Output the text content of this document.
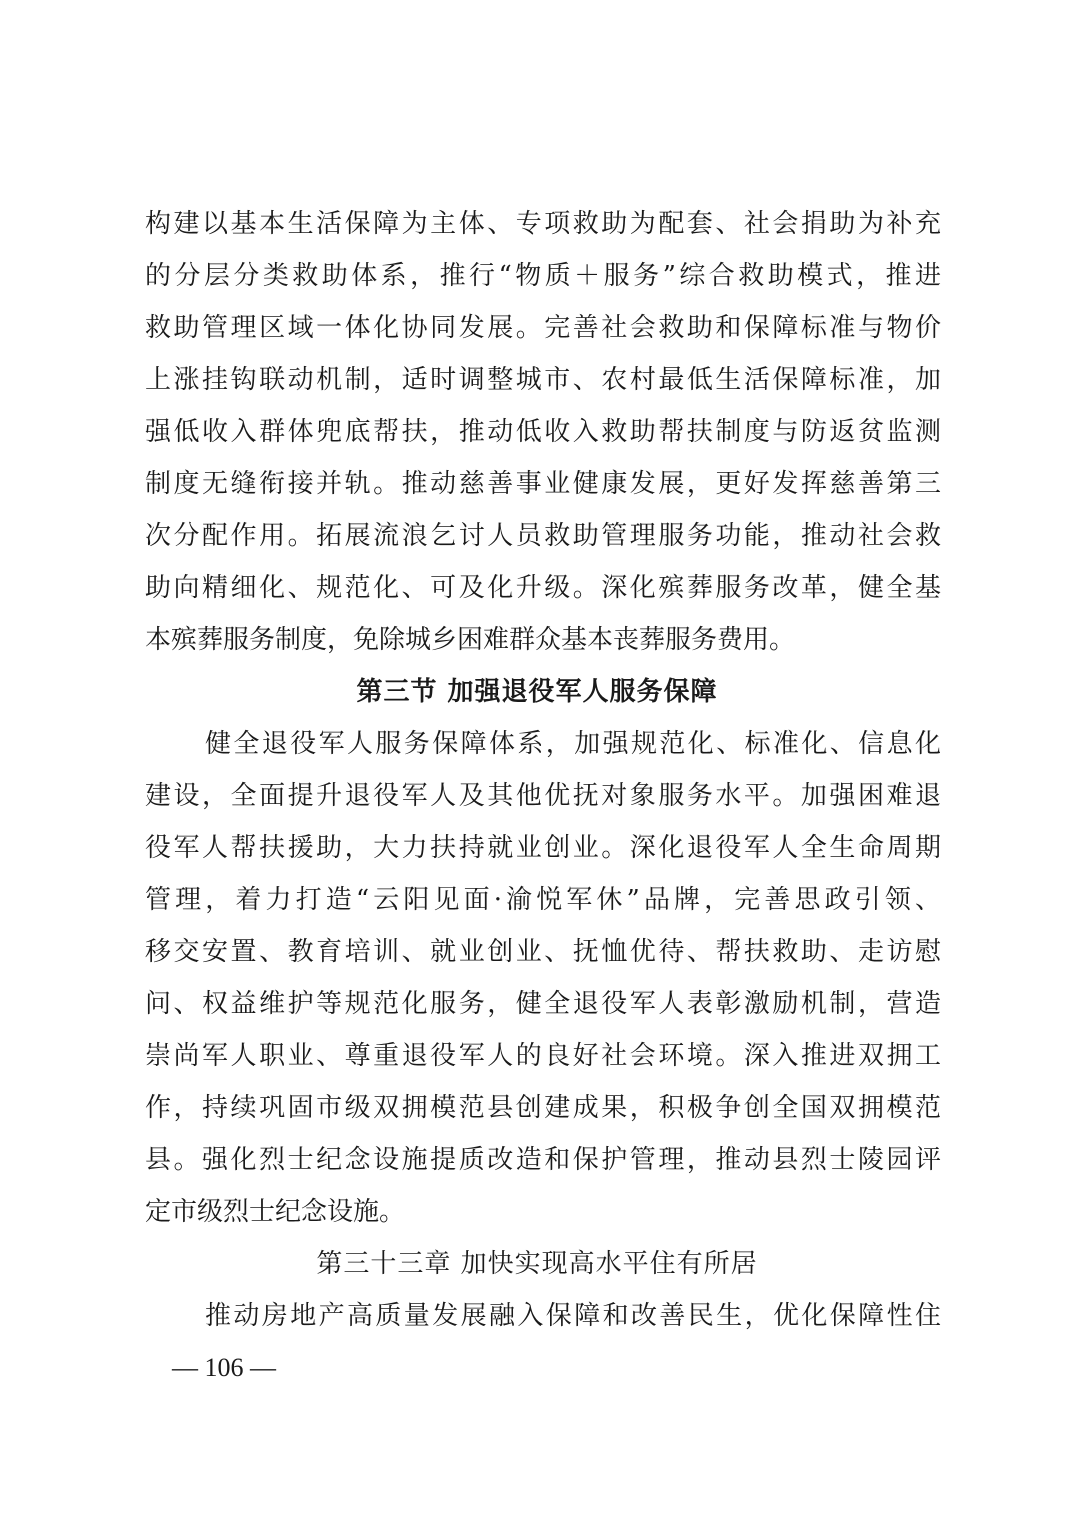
构建以基本生活保障为主体、专项救助为配套、社会捐助为补充
的分层分类救助体系，推行“物质＋服务”综合救助模式，推进
救助管理区域一体化协同发展。完善社会救助和保障标准与物价
上涨挂钩联动机制，适时调整城市、农村最低生活保障标准，加
强低收入群体兜底帮扶，推动低收入救助帮扶制度与防返贫监测
制度无缝衔接并轨。推动慈善事业健康发展，更好发挥慈善第三
次分配作用。拓展流浪乞讨人员救助管理服务功能，推动社会救
助向精细化、规范化、可及化升级。深化殡葬服务改革，健全基
本殡葬服务制度，免除城乡困难群众基本丧葬服务费用。
第三节 加强退役军人服务保障
健全退役军人服务保障体系，加强规范化、标准化、信息化
建设，全面提升退役军人及其他优抚对象服务水平。加强困难退
役军人帮扶援助，大力扶持就业创业。深化退役军人全生命周期
管理，着力打造“云阳见面·渝悦军休”品牌，完善思政引领、
移交安置、教育培训、就业创业、抚恤优待、帮扶救助、走访慰
问、权益维护等规范化服务，健全退役军人表彰激励机制，营造
崇尚军人职业、尊重退役军人的良好社会环境。深入推进双拥工
作，持续巩固市级双拥模范县创建成果，积极争创全国双拥模范
县。强化烈士纪念设施提质改造和保护管理，推动县烈士陵园评
定市级烈士纪念设施。
第三十三章 加快实现高水平住有所居
推动房地产高质量发展融入保障和改善民生，优化保障性住
— 106 —
